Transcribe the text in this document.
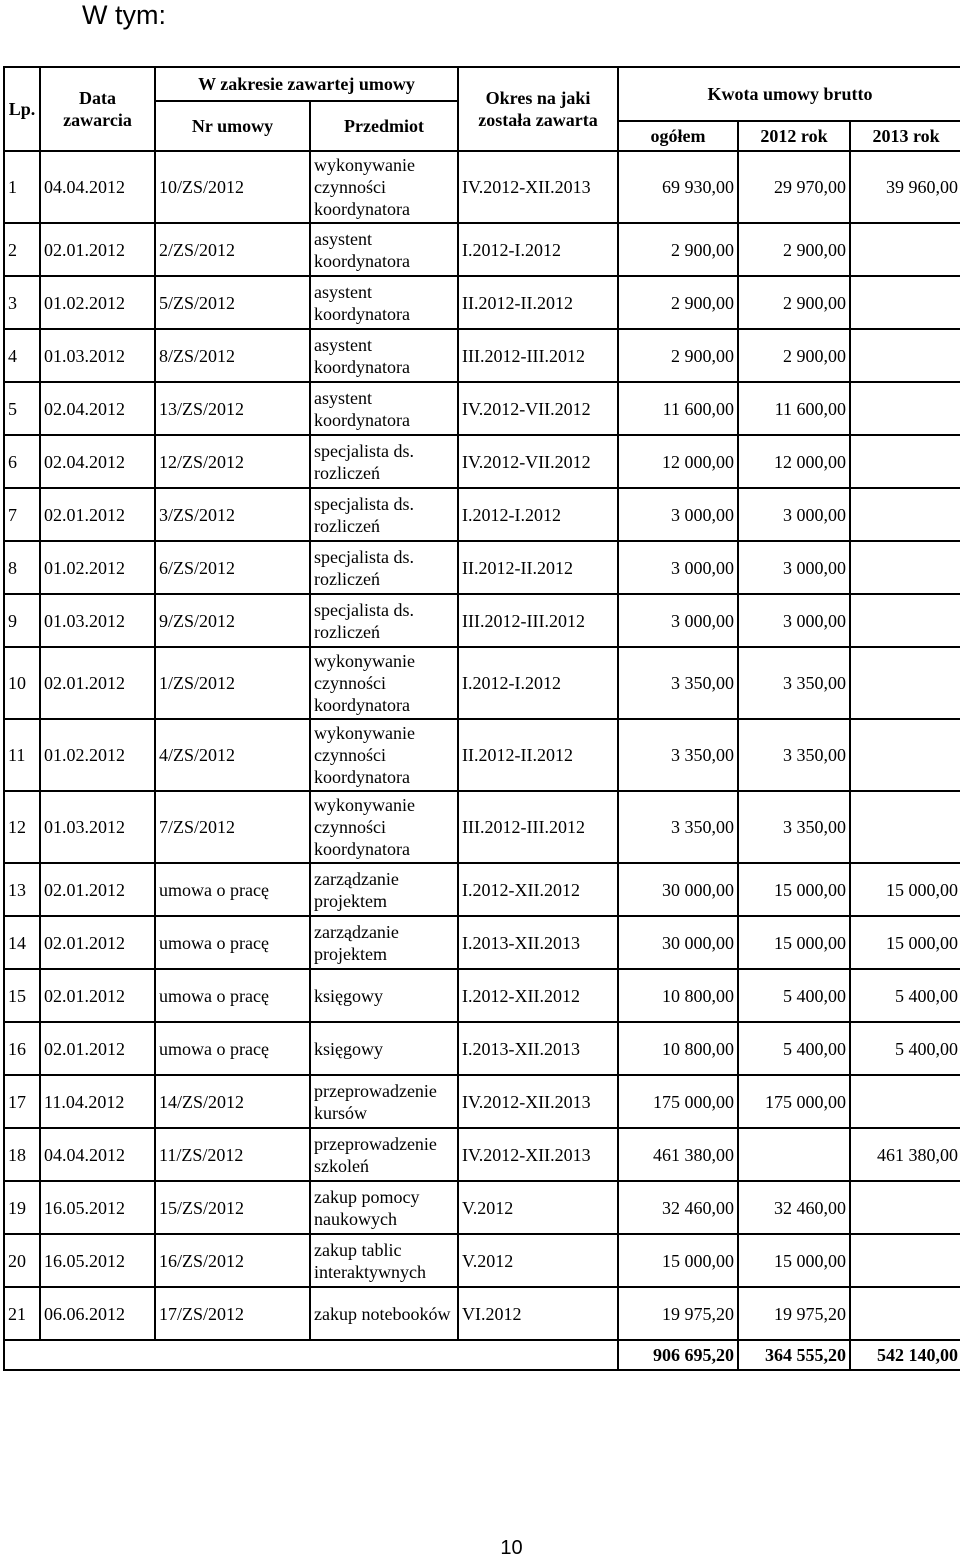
W tym:
Lp.	Data zawarcia	W zakresie zawartej umowy		Okres na jaki została zawarta	Kwota umowy brutto		
		Nr umowy	Przedmiot				
					ogółem	2012 rok	2013 rok
1	04.04.2012	10/ZS/2012	wykonywanie czynności koordynatora	IV.2012-XII.2013	69 930,00	29 970,00	39 960,00
2	02.01.2012	2/ZS/2012	asystent koordynatora	I.2012-I.2012	2 900,00	2 900,00	
3	01.02.2012	5/ZS/2012	asystent koordynatora	II.2012-II.2012	2 900,00	2 900,00	
4	01.03.2012	8/ZS/2012	asystent koordynatora	III.2012-III.2012	2 900,00	2 900,00	
5	02.04.2012	13/ZS/2012	asystent koordynatora	IV.2012-VII.2012	11 600,00	11 600,00	
6	02.04.2012	12/ZS/2012	specjalista ds. rozliczeń	IV.2012-VII.2012	12 000,00	12 000,00	
7	02.01.2012	3/ZS/2012	specjalista ds. rozliczeń	I.2012-I.2012	3 000,00	3 000,00	
8	01.02.2012	6/ZS/2012	specjalista ds. rozliczeń	II.2012-II.2012	3 000,00	3 000,00	
9	01.03.2012	9/ZS/2012	specjalista ds. rozliczeń	III.2012-III.2012	3 000,00	3 000,00	
10	02.01.2012	1/ZS/2012	wykonywanie czynności koordynatora	I.2012-I.2012	3 350,00	3 350,00	
11	01.02.2012	4/ZS/2012	wykonywanie czynności koordynatora	II.2012-II.2012	3 350,00	3 350,00	
12	01.03.2012	7/ZS/2012	wykonywanie czynności koordynatora	III.2012-III.2012	3 350,00	3 350,00	
13	02.01.2012	umowa o pracę	zarządzanie projektem	I.2012-XII.2012	30 000,00	15 000,00	15 000,00
14	02.01.2012	umowa o pracę	zarządzanie projektem	I.2013-XII.2013	30 000,00	15 000,00	15 000,00
15	02.01.2012	umowa o pracę	księgowy	I.2012-XII.2012	10 800,00	5 400,00	5 400,00
16	02.01.2012	umowa o pracę	księgowy	I.2013-XII.2013	10 800,00	5 400,00	5 400,00
17	11.04.2012	14/ZS/2012	przeprowadzenie kursów	IV.2012-XII.2013	175 000,00	175 000,00	
18	04.04.2012	11/ZS/2012	przeprowadzenie szkoleń	IV.2012-XII.2013	461 380,00		461 380,00
19	16.05.2012	15/ZS/2012	zakup pomocy naukowych	V.2012	32 460,00	32 460,00	
20	16.05.2012	16/ZS/2012	zakup tablic interaktywnych	V.2012	15 000,00	15 000,00	
21	06.06.2012	17/ZS/2012	zakup notebooków	VI.2012	19 975,20	19 975,20	
					906 695,20	364 555,20	542 140,00
10
